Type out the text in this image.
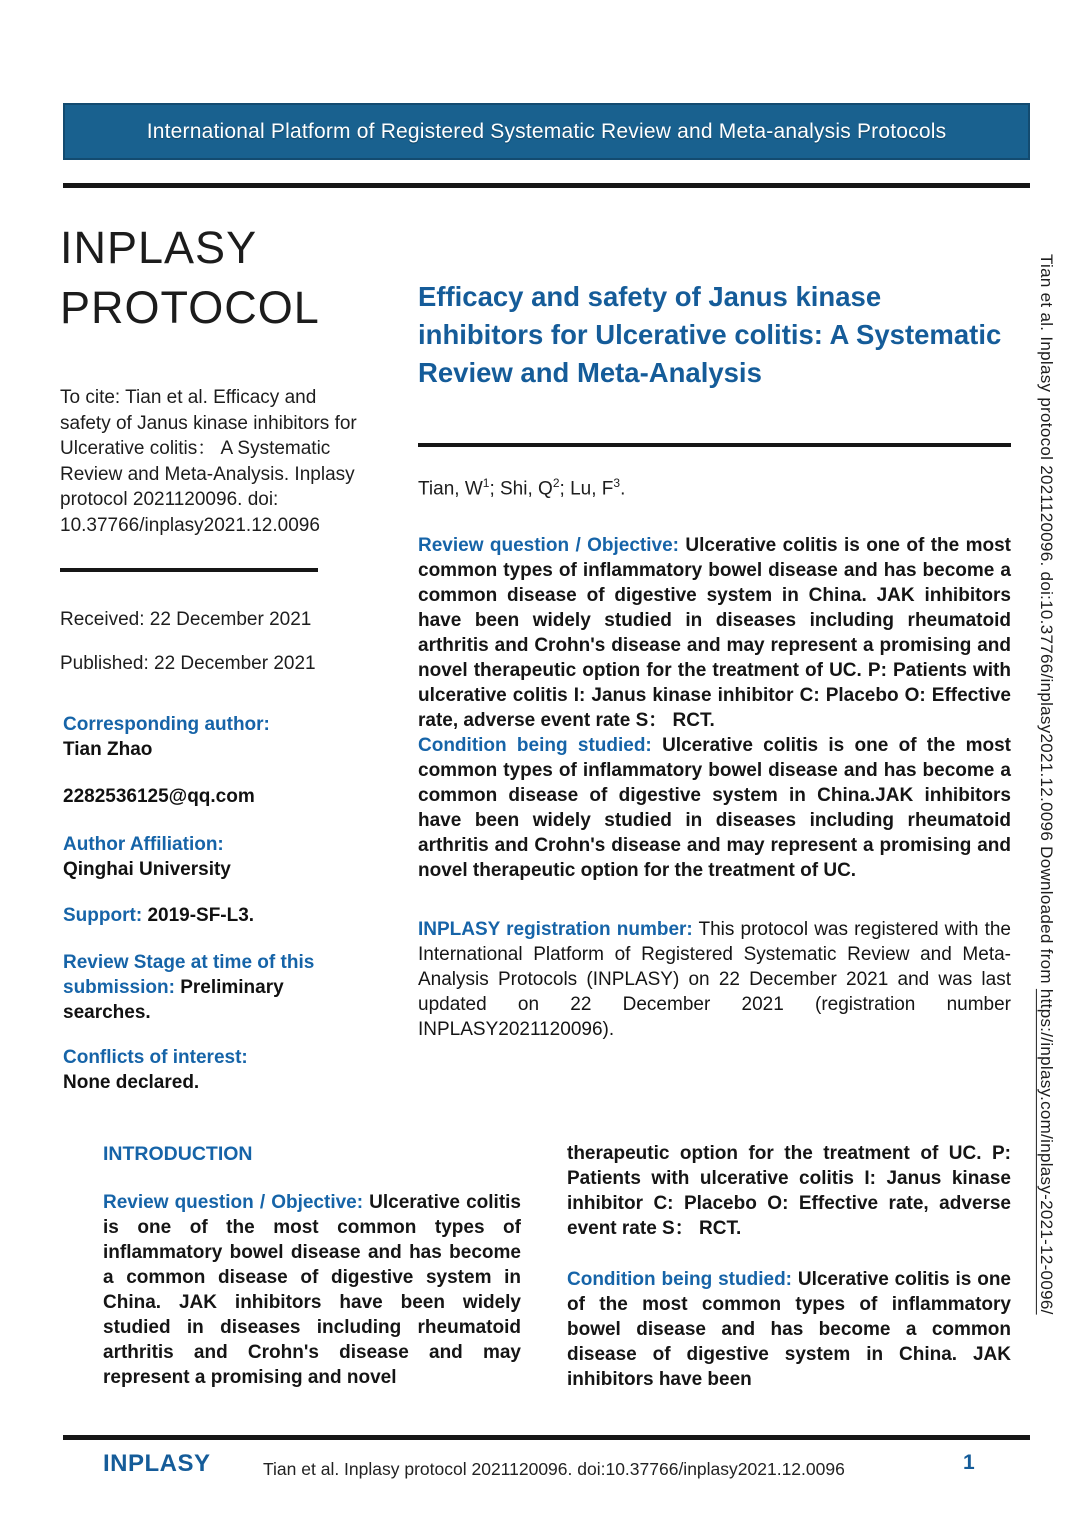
International Platform of Registered Systematic Review and Meta-analysis Protocols
INPLASY
PROTOCOL

To cite: Tian et al. Efficacy and safety of Janus kinase inhibitors for Ulcerative colitis： A Systematic Review and Meta-Analysis. Inplasy protocol 2021120096. doi: 10.37766/inplasy2021.12.0096

Received: 22 December 2021
Published: 22 December 2021
Corresponding author:
Tian Zhao
2282536125@qq.com
Author Affiliation:
Qinghai University
Support: 2019-SF-L3.
Review Stage at time of this submission: Preliminary searches.
Conflicts of interest:
None declared.
Efficacy and safety of Janus kinase inhibitors for Ulcerative colitis: A Systematic Review and Meta-Analysis
Tian, $W^1$; Shi, $Q^2$; Lu, $F^3$.

Review question / Objective: Ulcerative colitis is one of the most common types of inflammatory bowel disease and has become a common disease of digestive system in China. JAK inhibitors have been widely studied in diseases including rheumatoid arthritis and Crohn's disease and may represent a promising and novel therapeutic option for the treatment of UC. P: Patients with ulcerative colitis I: Janus kinase inhibitor C: Placebo O: Effective rate, adverse event rate S： RCT.

Condition being studied: Ulcerative colitis is one of the most common types of inflammatory bowel disease and has become a common disease of digestive system in China.JAK inhibitors have been widely studied in diseases including rheumatoid arthritis and Crohn's disease and may represent a promising and novel therapeutic option for the treatment of UC.

INPLASY registration number: This protocol was registered with the International Platform of Registered Systematic Review and Meta-Analysis Protocols (INPLASY) on 22 December 2021 and was last updated on 22 December 2021 (registration number INPLASY2021120096).

INTRODUCTION

Review question / Objective: Ulcerative colitis is one of the most common types of inflammatory bowel disease and has become a common disease of digestive system in China. JAK inhibitors have been widely studied in diseases including rheumatoid arthritis and Crohn's disease and may represent a promising and novel

therapeutic option for the treatment of UC. P: Patients with ulcerative colitis I: Janus kinase inhibitor C: Placebo O: Effective rate, adverse event rate S： RCT.

Condition being studied: Ulcerative colitis is one of the most common types of inflammatory bowel disease and has become a common disease of digestive system in China. JAK inhibitors have been

INPLASY	Tian et al. Inplasy protocol 2021120096. doi:10.37766/inplasy2021.12.0096	1
Tian et al. Inplasy protocol 2021120096. doi:10.37766/inplasy2021.12.0096 Downloaded from https://inplasy.com/inplasy-2021-12-0096/
